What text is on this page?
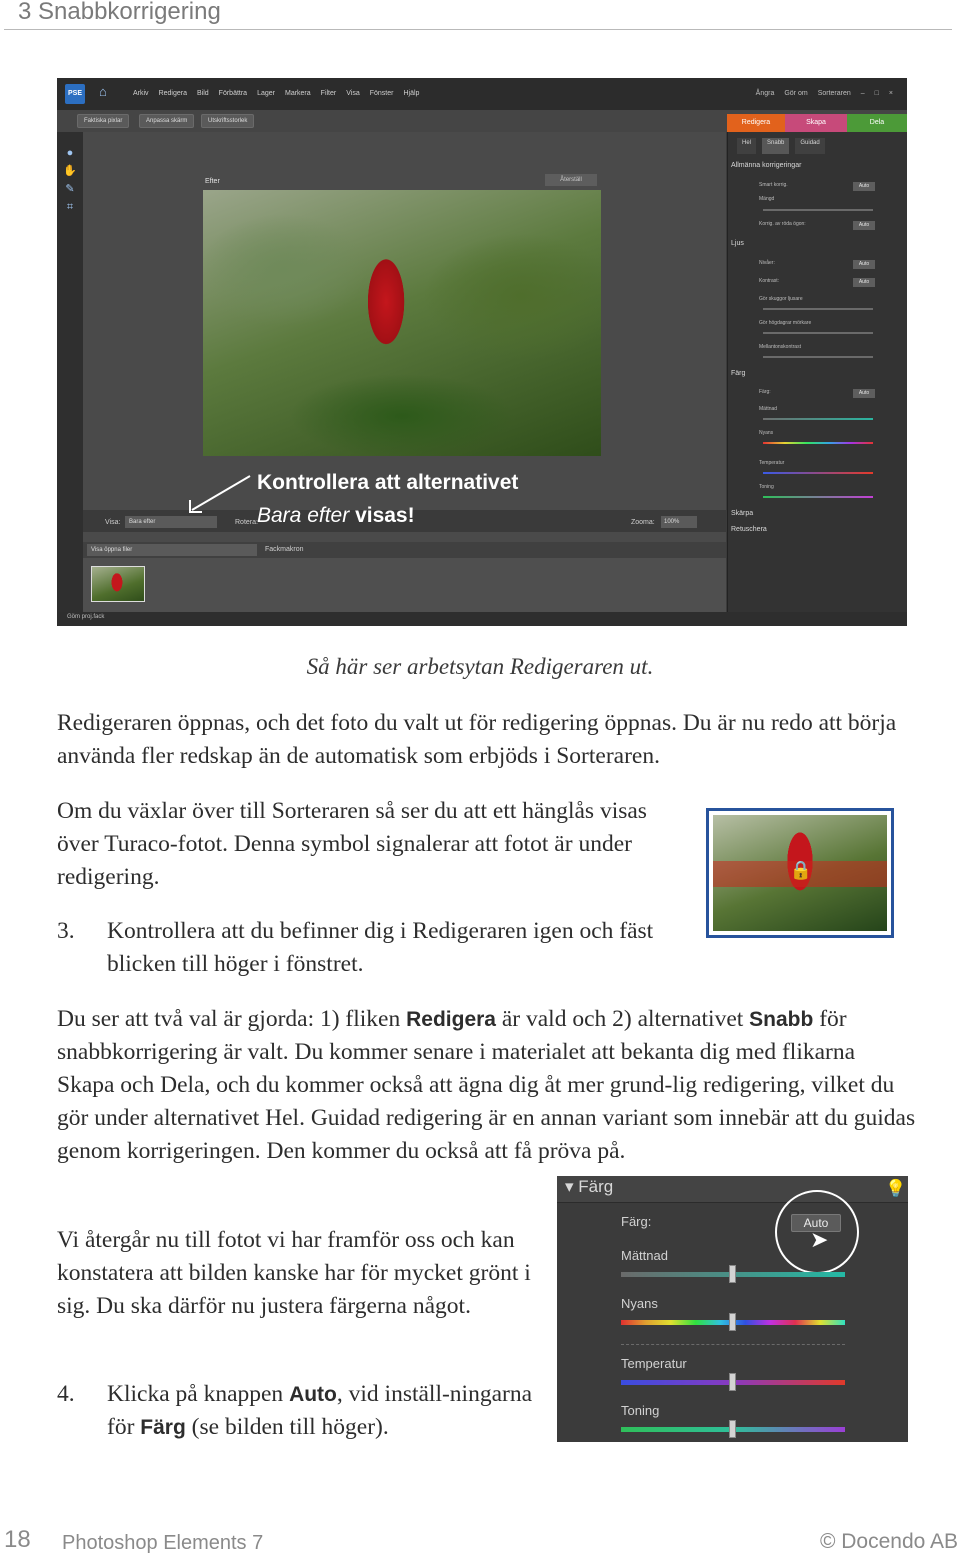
3 Snabbkorrigering
PSE ⌂	Arkiv Redigera Bild Förbättra Lager Markera Filter Visa Fönster Hjälp	Ångra Gör om Sorteraren – □ ×
Faktiska pixlar	Anpassa skärm	Utskriftsstorlek	Redigera	Skapa	Dela
●
✋
✎
⌗
Efter	Återställ
Visa:	Bara efter	Rotera:	Zooma:	100%
Visa öppna filer	Fackmakron
Göm proj.fack
Hel	Snabb	Guidad
Allmänna korrigeringar
Smart korrig.	Auto
Mängd
Korrig. av röda ögon:	Auto
Ljus
Nivåer:	Auto
Kontrast:	Auto
Gör skuggor ljusare
Gör högdagrar mörkare
Mellantonskontrast
Färg
Färg:	Auto
Mättnad
Nyans
Temperatur
Toning
Skärpa
Retuschera
Kontrollera att alternativet
Bara efter visas!
Så här ser arbetsytan Redigeraren ut.
Redigeraren öppnas, och det foto du valt ut för redigering öppnas. Du är nu redo att börja använda fler redskap än de automatisk som erbjöds i Sorteraren.
Om du växlar över till Sorteraren så ser du att ett hänglås visas över Turaco-fotot. Denna symbol signalerar att fotot är under redigering.	🔒
3. Kontrollera att du befinner dig i Redigeraren igen och fäst blicken till höger i fönstret.
Du ser att två val är gjorda: 1) fliken Redigera är vald och 2) alternativet Snabb för snabbkorrigering är valt. Du kommer senare i materialet att bekanta dig med flikarna Skapa och Dela, och du kommer också att ägna dig åt mer grund-lig redigering, vilket du gör under alternativet Hel. Guidad redigering är en annan variant som innebär att du guidas genom korrigeringen. Den kommer du också att få pröva på.
Vi återgår nu till fotot vi har framför oss och kan konstatera att bilden kanske har för mycket grönt i sig. Du ska därför nu justera färgerna något.
4. Klicka på knappen Auto, vid inställ-ningarna för Färg (se bilden till höger).
▾ Färg	💡
Färg:	Auto
➤
Mättnad
Nyans
Temperatur
Toning
18 Photoshop Elements 7	© Docendo AB
